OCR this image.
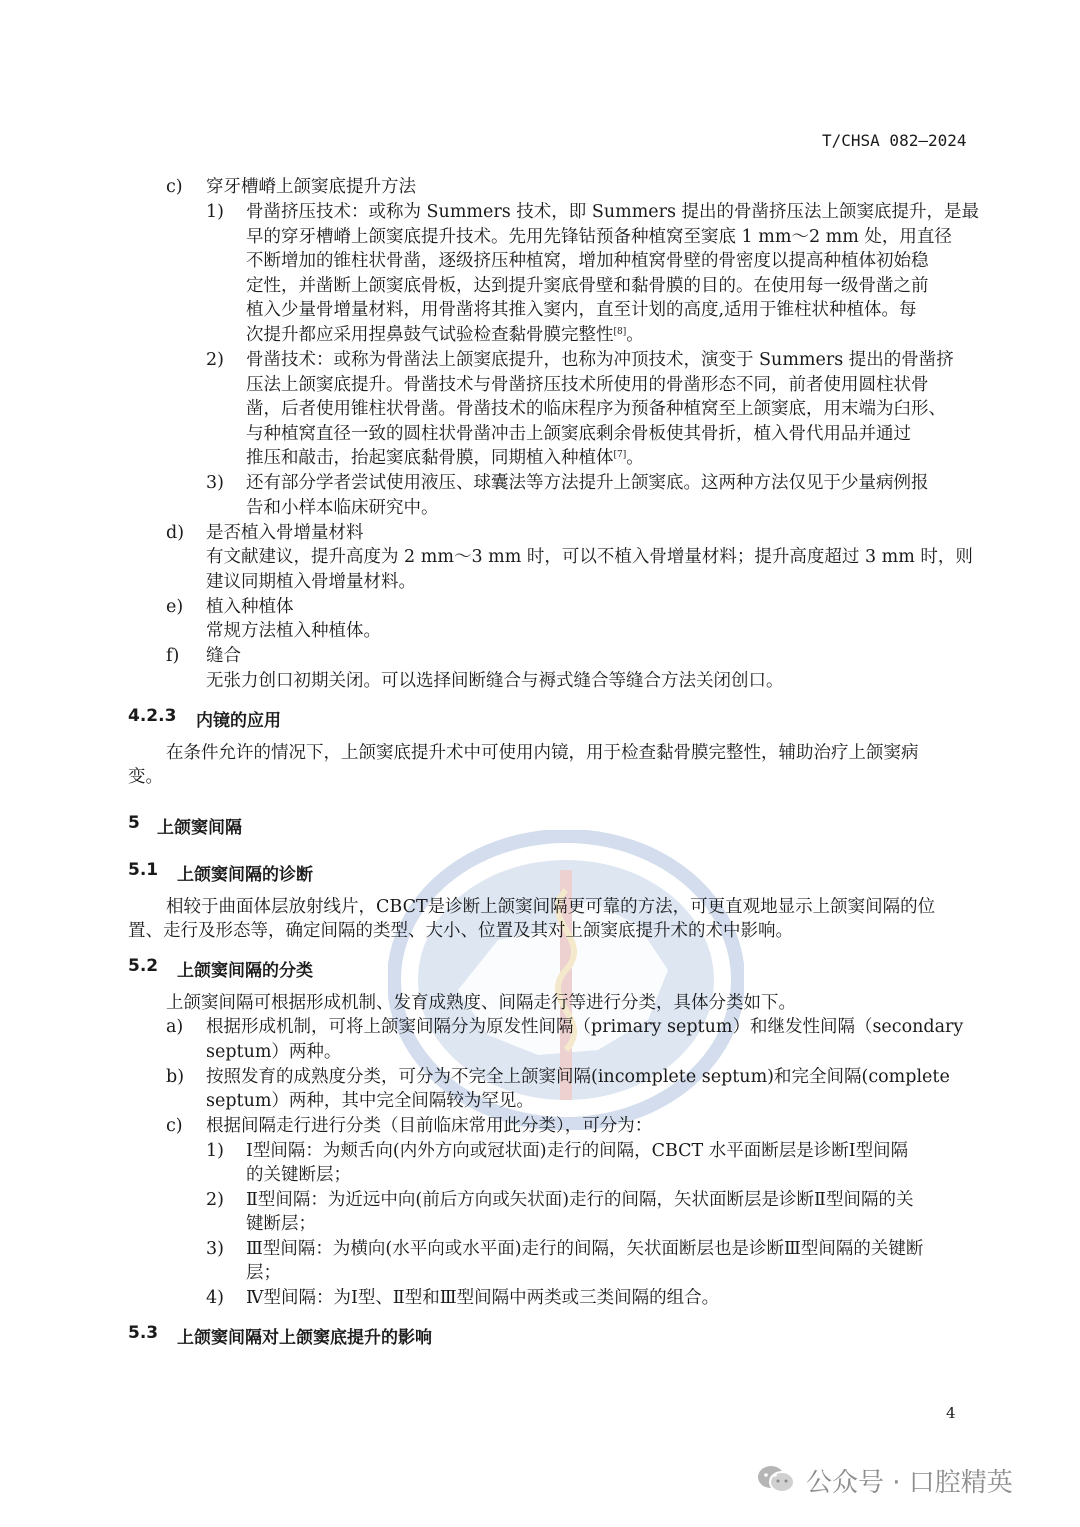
T/CHSA 082—2024
c) 穿牙槽嵴上颌窦底提升方法
1) 骨凿挤压技术：或称为 Summers 技术，即 Summers 提出的骨凿挤压法上颌窦底提升，是最
早的穿牙槽嵴上颌窦底提升技术。先用先锋钻预备种植窝至窦底 1 mm～2 mm 处，用直径
不断增加的锥柱状骨凿，逐级挤压种植窝，增加种植窝骨壁的骨密度以提高种植体初始稳
定性，并凿断上颌窦底骨板，达到提升窦底骨壁和黏骨膜的目的。在使用每一级骨凿之前
植入少量骨增量材料，用骨凿将其推入窦内，直至计划的高度,适用于锥柱状种植体。每
次提升都应采用捏鼻鼓气试验检查黏骨膜完整性[8]。
2) 骨凿技术：或称为骨凿法上颌窦底提升，也称为冲顶技术，演变于 Summers 提出的骨凿挤
压法上颌窦底提升。骨凿技术与骨凿挤压技术所使用的骨凿形态不同，前者使用圆柱状骨
凿，后者使用锥柱状骨凿。骨凿技术的临床程序为预备种植窝至上颌窦底，用末端为臼形、
与种植窝直径一致的圆柱状骨凿冲击上颌窦底剩余骨板使其骨折，植入骨代用品并通过
推压和敲击，抬起窦底黏骨膜，同期植入种植体[7]。
3) 还有部分学者尝试使用液压、球囊法等方法提升上颌窦底。这两种方法仅见于少量病例报
告和小样本临床研究中。
d) 是否植入骨增量材料
有文献建议，提升高度为 2 mm～3 mm 时，可以不植入骨增量材料；提升高度超过 3 mm 时，则
建议同期植入骨增量材料。
e) 植入种植体
常规方法植入种植体。
f) 缝合
无张力创口初期关闭。可以选择间断缝合与褥式缝合等缝合方法关闭创口。
4.2.3 内镜的应用
在条件允许的情况下，上颌窦底提升术中可使用内镜，用于检查黏骨膜完整性，辅助治疗上颌窦病
变。
5 上颌窦间隔
5.1 上颌窦间隔的诊断
相较于曲面体层放射线片，CBCT是诊断上颌窦间隔更可靠的方法，可更直观地显示上颌窦间隔的位
置、走行及形态等，确定间隔的类型、大小、位置及其对上颌窦底提升术的术中影响。
5.2 上颌窦间隔的分类
上颌窦间隔可根据形成机制、发育成熟度、间隔走行等进行分类，具体分类如下。
a) 根据形成机制，可将上颌窦间隔分为原发性间隔（primary septum）和继发性间隔（secondary
septum）两种。
b) 按照发育的成熟度分类，可分为不完全上颌窦间隔(incomplete septum)和完全间隔(complete
septum）两种，其中完全间隔较为罕见。
c) 根据间隔走行进行分类（目前临床常用此分类），可分为：
1) Ⅰ型间隔：为颊舌向(内外方向或冠状面)走行的间隔，CBCT 水平面断层是诊断Ⅰ型间隔
的关键断层；
2) Ⅱ型间隔：为近远中向(前后方向或矢状面)走行的间隔，矢状面断层是诊断Ⅱ型间隔的关
键断层；
3) Ⅲ型间隔：为横向(水平向或水平面)走行的间隔，矢状面断层也是诊断Ⅲ型间隔的关键断
层；
4) Ⅳ型间隔：为Ⅰ型、Ⅱ型和Ⅲ型间隔中两类或三类间隔的组合。
5.3 上颌窦间隔对上颌窦底提升的影响
4
公众号 · 口腔精英
